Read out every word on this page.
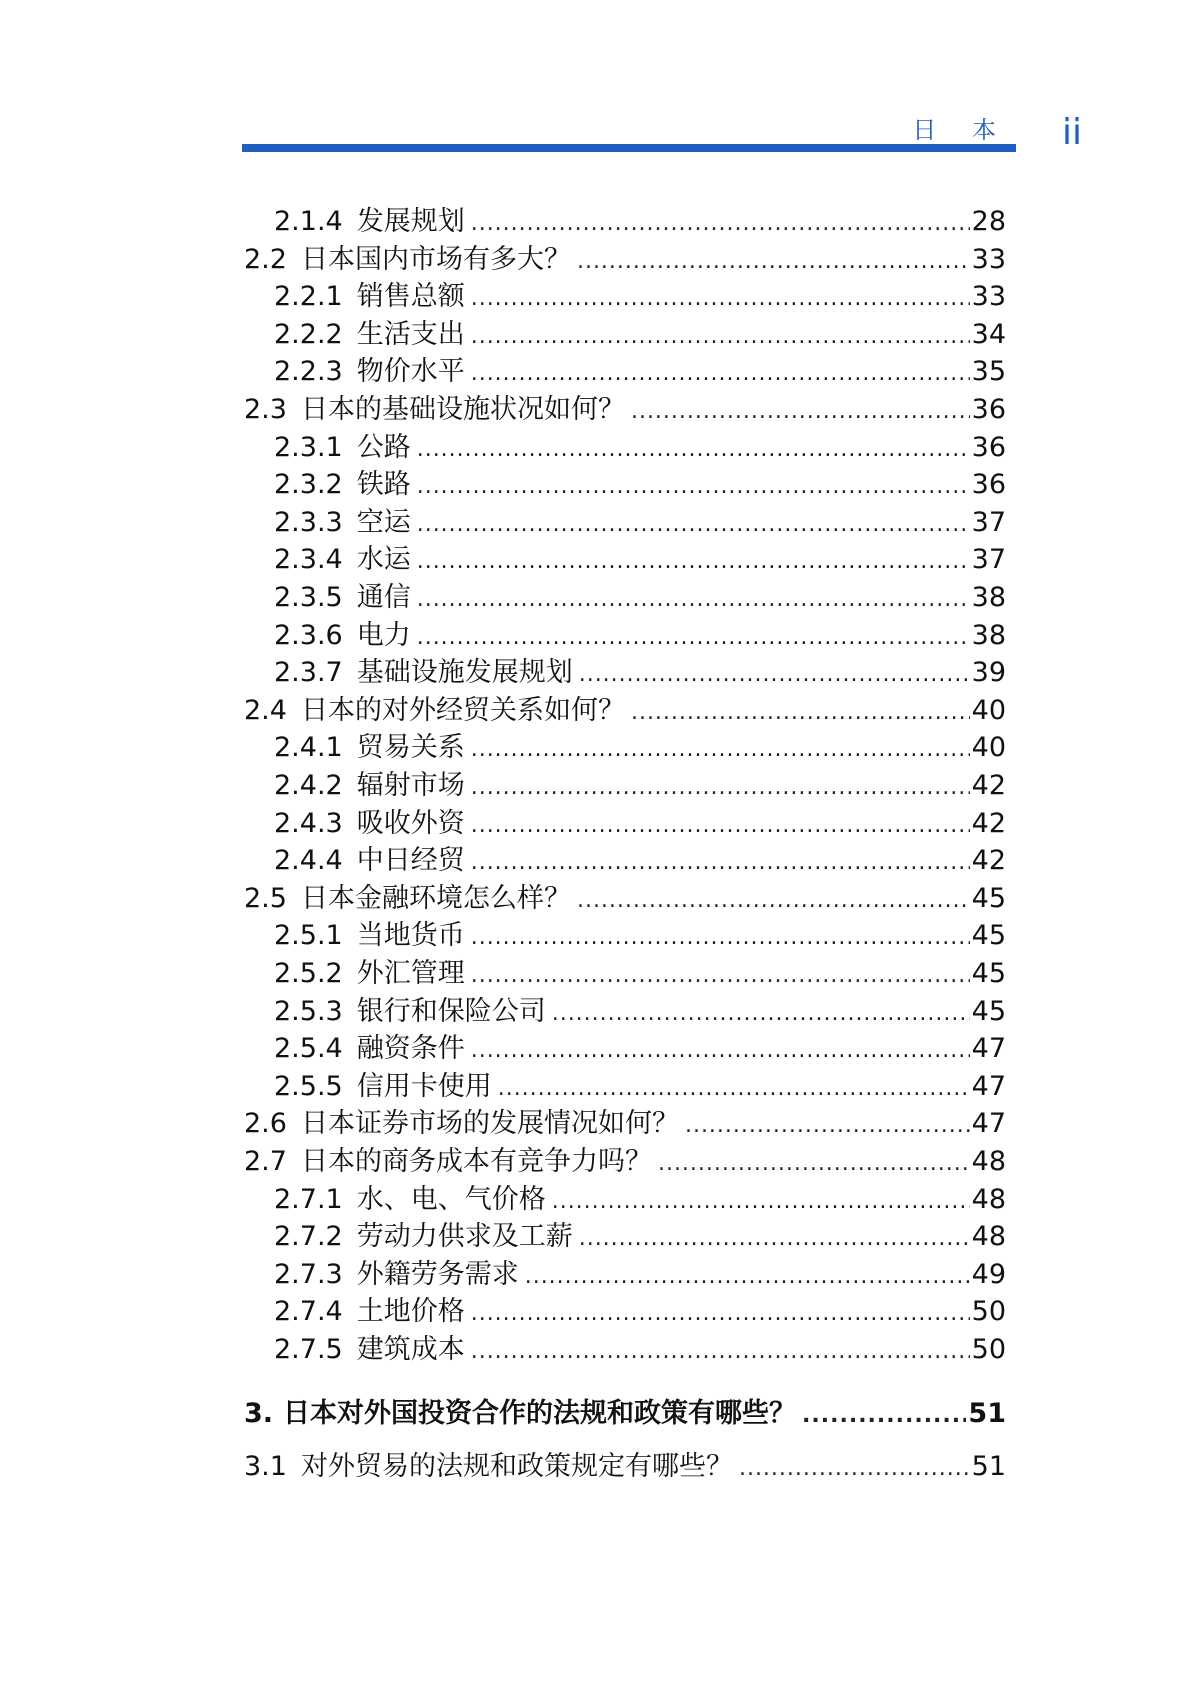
日 本 ii
2.1.4 发展规划 .....	28
2.2 日本国内市场有多大？ .....	33
2.2.1 销售总额 .....	33
2.2.2 生活支出 .....	34
2.2.3 物价水平 .....	35
2.3 日本的基础设施状况如何？ .....	36
2.3.1 公路 .....	36
2.3.2 铁路 .....	36
2.3.3 空运 .....	37
2.3.4 水运 .....	37
2.3.5 通信 .....	38
2.3.6 电力 .....	38
2.3.7 基础设施发展规划 .....	39
2.4 日本的对外经贸关系如何？ .....	40
2.4.1 贸易关系 .....	40
2.4.2 辐射市场 .....	42
2.4.3 吸收外资 .....	42
2.4.4 中日经贸 .....	42
2.5 日本金融环境怎么样？ .....	45
2.5.1 当地货币 .....	45
2.5.2 外汇管理 .....	45
2.5.3 银行和保险公司 .....	45
2.5.4 融资条件 .....	47
2.5.5 信用卡使用 .....	47
2.6 日本证券市场的发展情况如何？ .....	47
2.7 日本的商务成本有竞争力吗？ .....	48
2.7.1 水、电、气价格 .....	48
2.7.2 劳动力供求及工薪 .....	48
2.7.3 外籍劳务需求 .....	49
2.7.4 土地价格 .....	50
2.7.5 建筑成本 .....	50
3. 日本对外国投资合作的法规和政策有哪些？ .....	51
3.1 对外贸易的法规和政策规定有哪些？ .....	51
